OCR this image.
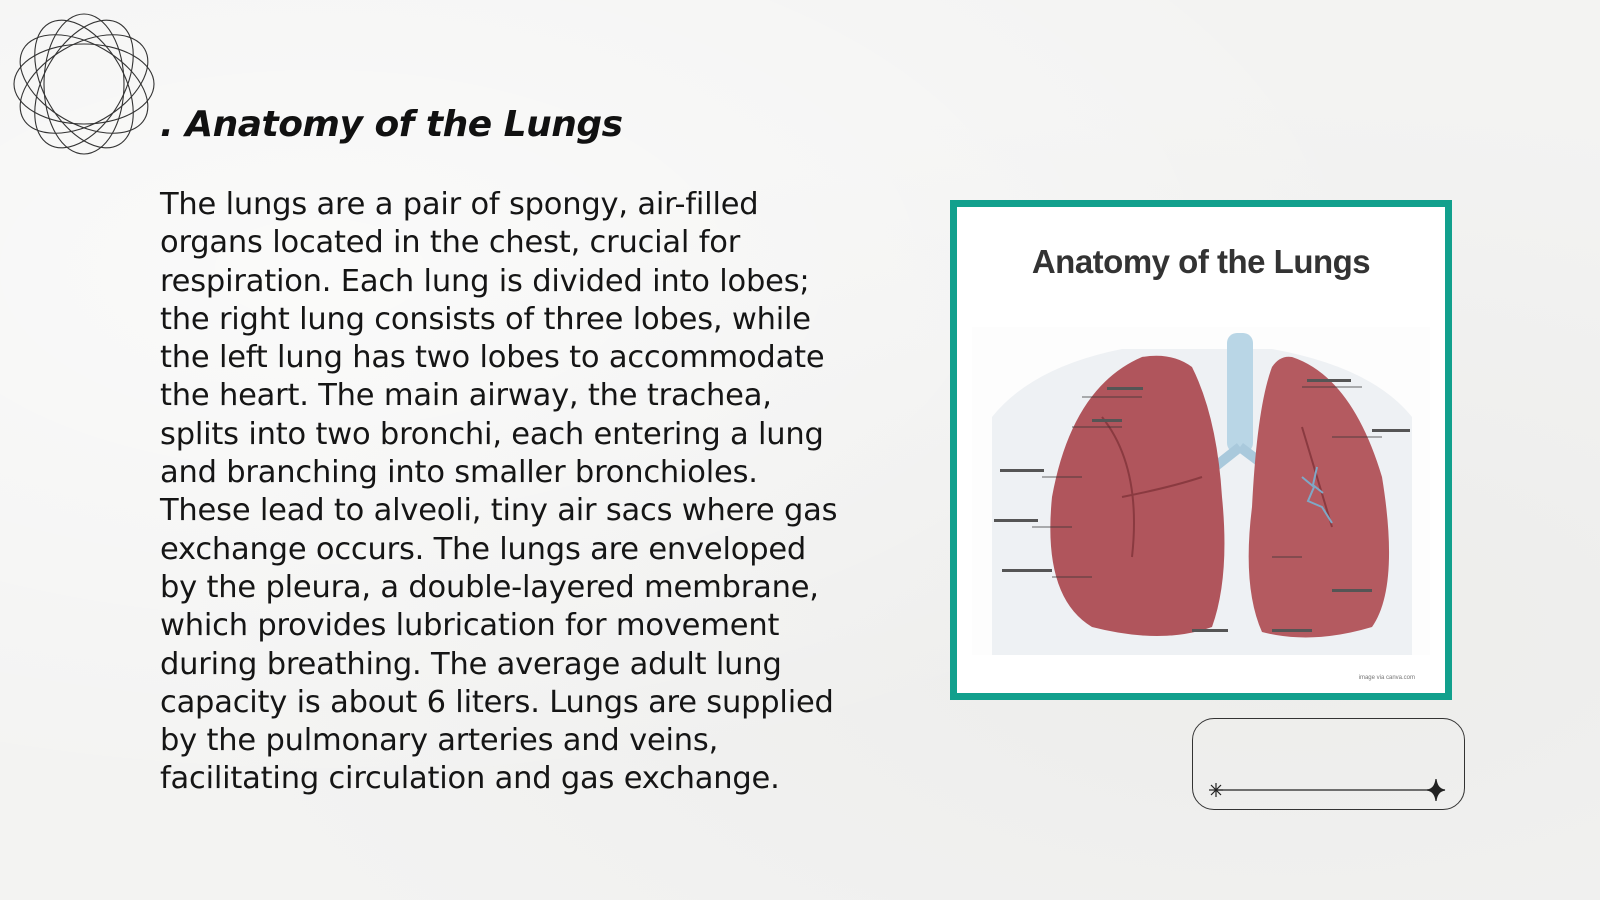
. Anatomy of the Lungs
The lungs are a pair of spongy, air-filled organs located in the chest, crucial for respiration. Each lung is divided into lobes; the right lung consists of three lobes, while the left lung has two lobes to accommodate the heart. The main airway, the trachea, splits into two bronchi, each entering a lung and branching into smaller bronchioles. These lead to alveoli, tiny air sacs where gas exchange occurs. The lungs are enveloped by the pleura, a double-layered membrane, which provides lubrication for movement during breathing. The average adult lung capacity is about 6 liters. Lungs are supplied by the pulmonary arteries and veins, facilitating circulation and gas exchange.
Anatomy of the Lungs
image via canva.com
